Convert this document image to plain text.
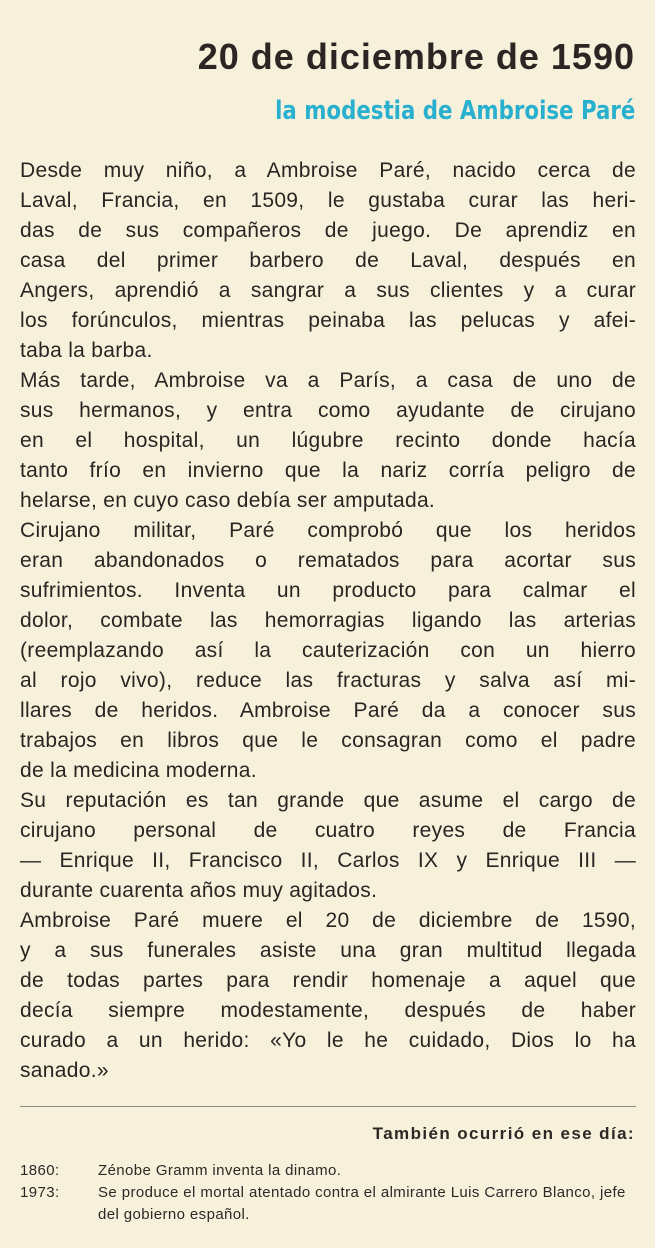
20 de diciembre de 1590
la modestia de Ambroise Paré
Desde muy niño, a Ambroise Paré, nacido cerca de
Laval, Francia, en 1509, le gustaba curar las heri-
das de sus compañeros de juego. De aprendiz en
casa del primer barbero de Laval, después en
Angers, aprendió a sangrar a sus clientes y a curar
los forúnculos, mientras peinaba las pelucas y afei-
taba la barba.
Más tarde, Ambroise va a París, a casa de uno de
sus hermanos, y entra como ayudante de cirujano
en el hospital, un lúgubre recinto donde hacía
tanto frío en invierno que la nariz corría peligro de
helarse, en cuyo caso debía ser amputada.
Cirujano militar, Paré comprobó que los heridos
eran abandonados o rematados para acortar sus
sufrimientos. Inventa un producto para calmar el
dolor, combate las hemorragias ligando las arterias
(reemplazando así la cauterización con un hierro
al rojo vivo), reduce las fracturas y salva así mi-
llares de heridos. Ambroise Paré da a conocer sus
trabajos en libros que le consagran como el padre
de la medicina moderna.
Su reputación es tan grande que asume el cargo de
cirujano personal de cuatro reyes de Francia
— Enrique II, Francisco II, Carlos IX y Enrique III —
durante cuarenta años muy agitados.
Ambroise Paré muere el 20 de diciembre de 1590,
y a sus funerales asiste una gran multitud llegada
de todas partes para rendir homenaje a aquel que
decía siempre modestamente, después de haber
curado a un herido: «Yo le he cuidado, Dios lo ha
sanado.»
También ocurrió en ese día:
1860:	Zénobe Gramm inventa la dinamo.
1973:	Se produce el mortal atentado contra el almirante Luis Carrero Blanco, jefe del gobierno español.
